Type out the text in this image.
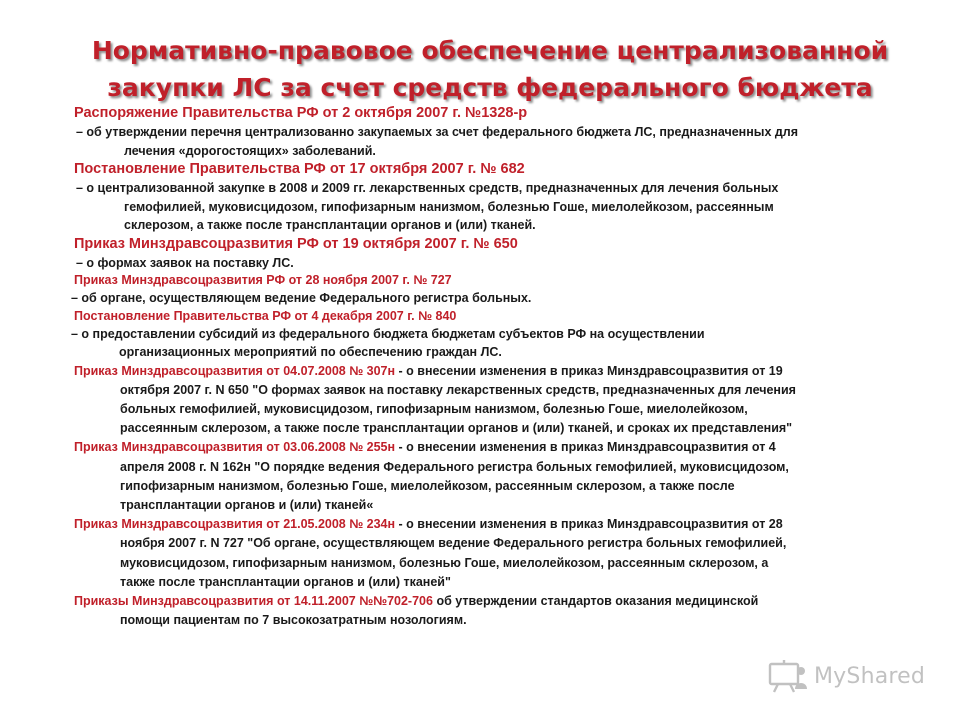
Нормативно-правовое обеспечение централизованной
закупки ЛС за счет средств федерального бюджета

Распоряжение Правительства РФ от 2 октября 2007 г. №1328-р

– об утверждении перечня централизованно закупаемых за счет федерального бюджета ЛС, предназначенных для
лечения «дорогостоящих» заболеваний.

Постановление Правительства РФ от 17 октября 2007 г. № 682

– о централизованной закупке в 2008 и 2009 гг. лекарственных средств, предназначенных для лечения больных
гемофилией, муковисцидозом, гипофизарным нанизмом, болезнью Гоше, миелолейкозом, рассеянным
склерозом, а также после трансплантации органов и (или) тканей.

Приказ Минздравсоцразвития РФ от 19 октября 2007 г. № 650

– о формах заявок на поставку ЛС.

Приказ Минздравсоцразвития РФ от 28 ноября 2007 г. № 727

– об органе, осуществляющем ведение Федерального регистра больных.

Постановление Правительства РФ от 4 декабря 2007 г. № 840

– о предоставлении субсидий из федерального бюджета бюджетам субъектов РФ на осуществлении
организационных мероприятий по обеспечению граждан ЛС.

Приказ Минздравсоцразвития от 04.07.2008 № 307н - о внесении изменения в приказ Минздравсоцразвития от 19
октября 2007 г. N 650 "О формах заявок на поставку лекарственных средств, предназначенных для лечения
больных гемофилией, муковисцидозом, гипофизарным нанизмом, болезнью Гоше, миелолейкозом,
рассеянным склерозом, а также после трансплантации органов и (или) тканей, и сроках их представления"

Приказ Минздравсоцразвития от 03.06.2008 № 255н - о внесении изменения в приказ Минздравсоцразвития от 4
апреля 2008 г. N 162н "О порядке ведения Федерального регистра больных гемофилией, муковисцидозом,
гипофизарным нанизмом, болезнью Гоше, миелолейкозом, рассеянным склерозом, а также после
трансплантации органов и (или) тканей«

Приказ Минздравсоцразвития от 21.05.2008 № 234н - о внесении изменения в приказ Минздравсоцразвития от 28
ноября 2007 г. N 727 "Об органе, осуществляющем ведение Федерального регистра больных гемофилией,
муковисцидозом, гипофизарным нанизмом, болезнью Гоше, миелолейкозом, рассеянным склерозом, а
также после трансплантации органов и (или) тканей"

Приказы Минздравсоцразвития от 14.11.2007 №№702-706 об утверждении стандартов оказания медицинской
помощи пациентам по 7 высокозатратным нозологиям.

MyShared
